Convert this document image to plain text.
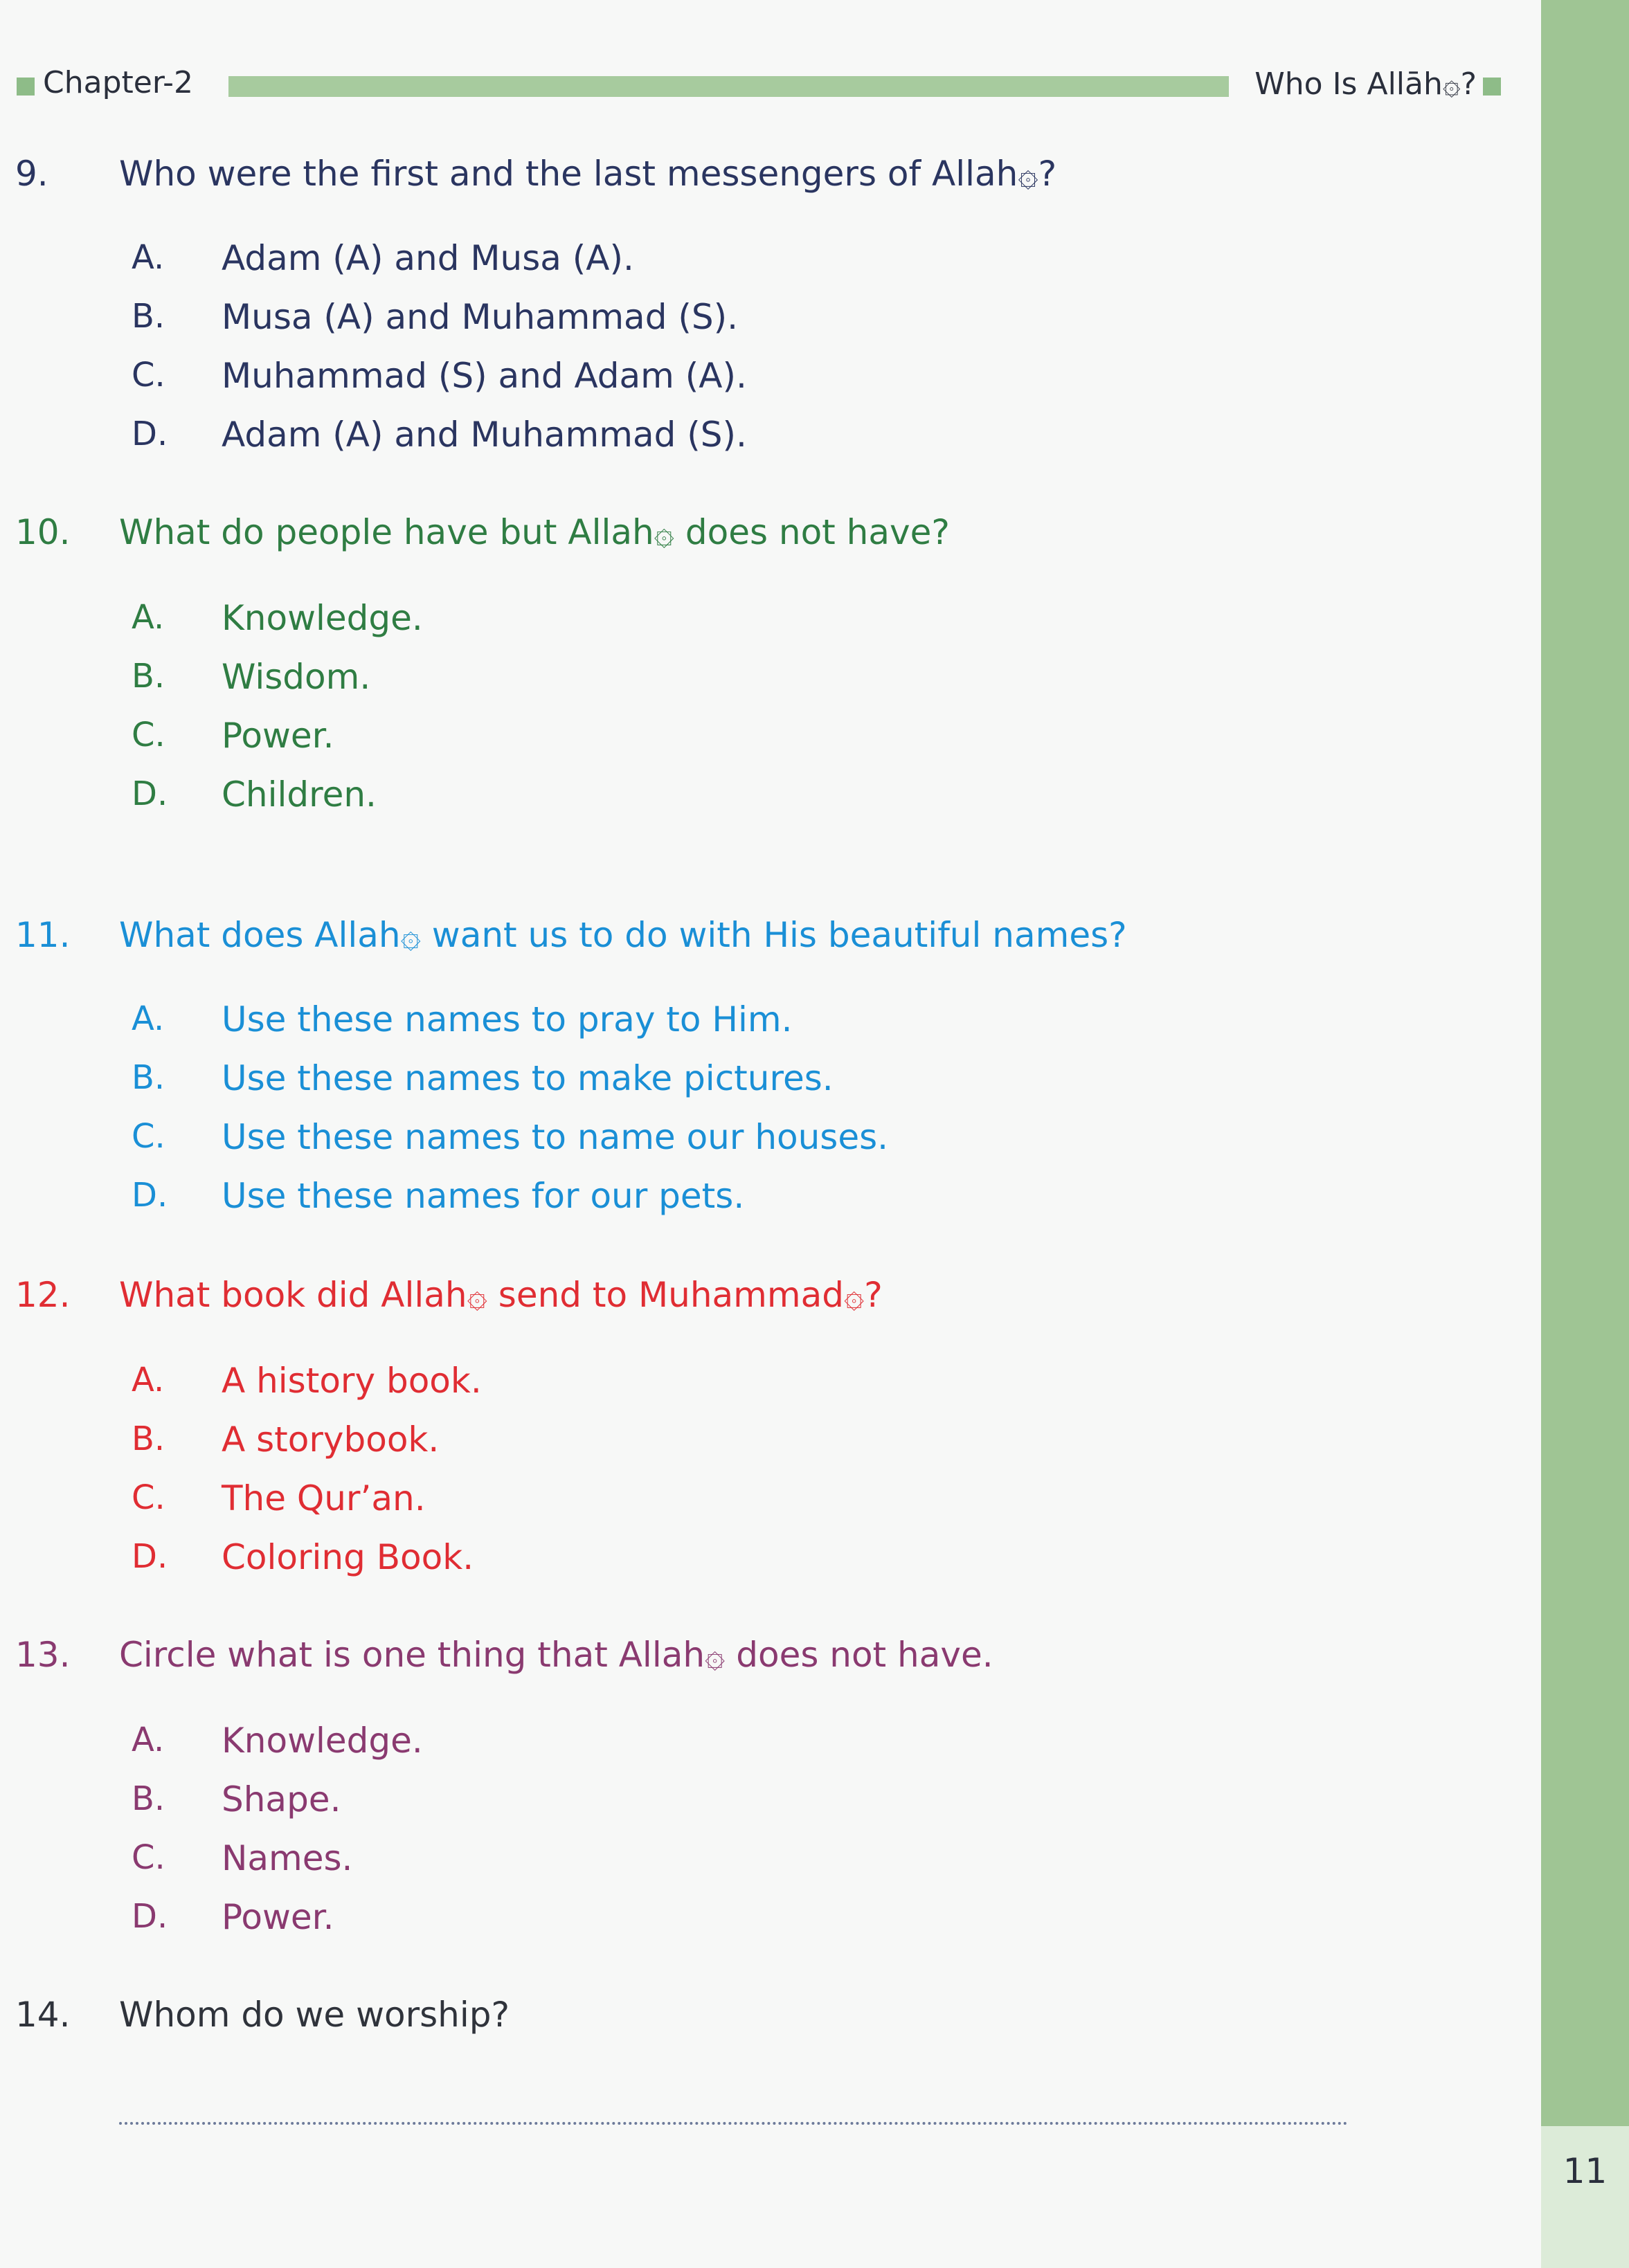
11
Chapter-2	Who Is Allāh۞?
9. Who were the first and the last messengers of Allah۞?
A. Adam (A) and Musa (A).
B. Musa (A) and Muhammad (S).
C. Muhammad (S) and Adam (A).
D. Adam (A) and Muhammad (S).
10. What do people have but Allah۞ does not have?
A. Knowledge.
B. Wisdom.
C. Power.
D. Children.
11. What does Allah۞ want us to do with His beautiful names?
A. Use these names to pray to Him.
B. Use these names to make pictures.
C. Use these names to name our houses.
D. Use these names for our pets.
12. What book did Allah۞ send to Muhammad۞?
A. A history book.
B. A storybook.
C. The Qur’an.
D. Coloring Book.
13. Circle what is one thing that Allah۞ does not have.
A. Knowledge.
B. Shape.
C. Names.
D. Power.
14. Whom do we worship?
